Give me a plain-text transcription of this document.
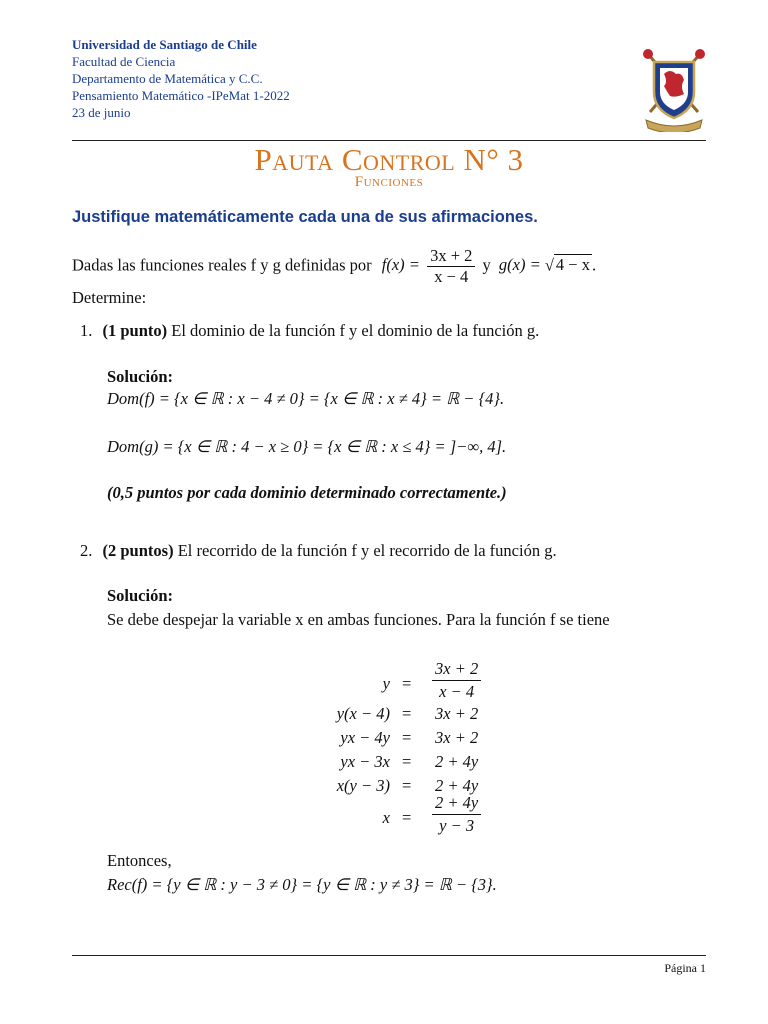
Universidad de Santiago de Chile
Facultad de Ciencia
Departamento de Matemática y C.C.
Pensamiento Matemático -IPeMat 1-2022
23 de junio
Pauta Control N° 3
Funciones
Justifique matemáticamente cada una de sus afirmaciones.
Dadas las funciones reales f y g definidas por $f(x) = \frac{3x + 2}{x - 4}$ y g(x) = √ 4 − x .
Determine:
1. (1 punto) El dominio de la función f y el dominio de la función g.
Solución:
Dom(f) = {x ∈ ℝ : x − 4 ≠ 0} = {x ∈ ℝ : x ≠ 4} = ℝ − {4}.
Dom(g) = {x ∈ ℝ : 4 − x ≥ 0} = {x ∈ ℝ : x ≤ 4} = ]−∞, 4].
(0,5 puntos por cada dominio determinado correctamente.)
2. (2 puntos) El recorrido de la función f y el recorrido de la función g.
Solución:
Se debe despejar la variable x en ambas funciones. Para la función f se tiene
$y = \frac{3x + 2}{x - 4}$
y(x − 4) = 3x + 2
yx − 4y = 3x + 2
yx − 3x = 2 + 4y
x(y − 3) = 2 + 4y
$x = \frac{2 + 4y}{y - 3}$
Entonces,
Rec(f) = {y ∈ ℝ : y − 3 ≠ 0} = {y ∈ ℝ : y ≠ 3} = ℝ − {3}.
Página 1
